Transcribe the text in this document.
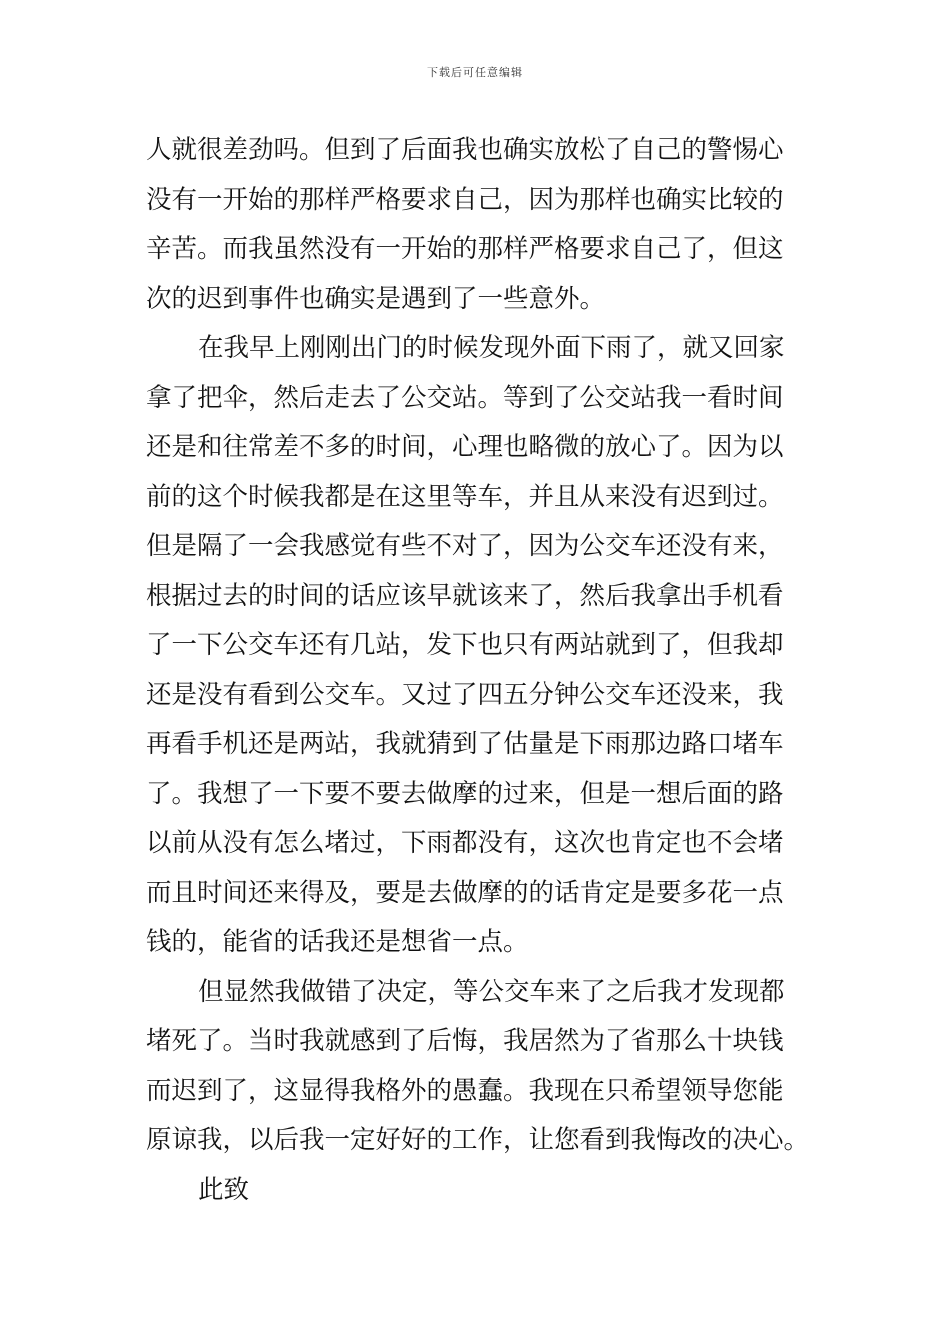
下载后可任意编辑
人就很差劲吗。但到了后面我也确实放松了自己的警惕心
没有一开始的那样严格要求自己，因为那样也确实比较的
辛苦。而我虽然没有一开始的那样严格要求自己了，但这
次的迟到事件也确实是遇到了一些意外。
在我早上刚刚出门的时候发现外面下雨了，就又回家
拿了把伞，然后走去了公交站。等到了公交站我一看时间
还是和往常差不多的时间，心理也略微的放心了。因为以
前的这个时候我都是在这里等车，并且从来没有迟到过。
但是隔了一会我感觉有些不对了，因为公交车还没有来，
根据过去的时间的话应该早就该来了，然后我拿出手机看
了一下公交车还有几站，发下也只有两站就到了，但我却
还是没有看到公交车。又过了四五分钟公交车还没来，我
再看手机还是两站，我就猜到了估量是下雨那边路口堵车
了。我想了一下要不要去做摩的过来，但是一想后面的路
以前从没有怎么堵过，下雨都没有，这次也肯定也不会堵
而且时间还来得及，要是去做摩的的话肯定是要多花一点
钱的，能省的话我还是想省一点。
但显然我做错了决定，等公交车来了之后我才发现都
堵死了。当时我就感到了后悔，我居然为了省那么十块钱
而迟到了，这显得我格外的愚蠢。我现在只希望领导您能
原谅我，以后我一定好好的工作，让您看到我悔改的决心。
此致
